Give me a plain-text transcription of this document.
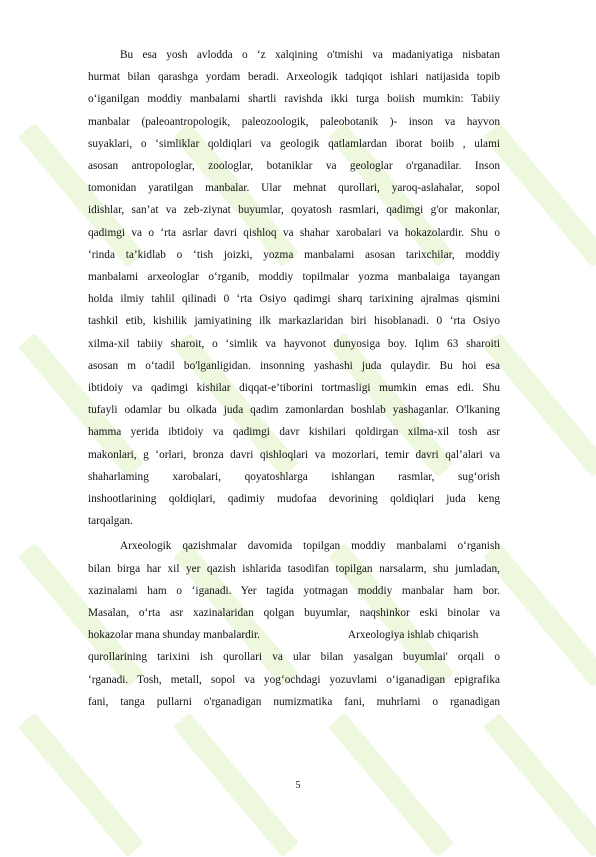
Bu esa yosh avlodda o ‘z xalqining o'tmishi va madaniyatiga nisbatan
hurmat bilan qarashga yordam beradi. Arxeologik tadqiqot ishlari natijasida topib
o‘iganilgan moddiy manbalami shartli ravishda ikki turga boiish mumkin: Tabiiy
manbalar (paleoantropologik, paleozoologik, paleobotanik )- inson va hayvon
suyaklari, o ‘simliklar qoldiqlari va geologik qatlamlardan iborat boiib , ulami
asosan antropologlar, zoologlar, botaniklar va geologlar o'rganadilar. Inson
tomonidan yaratilgan manbalar. Ular mehnat qurollari, yaroq-aslahalar, sopol
idishlar, san’at va zeb-ziynat buyumlar, qoyatosh rasmlari, qadimgi g'or makonlar,
qadimgi va o ‘rta asrlar davri qishloq va shahar xarobalari va hokazolardir. Shu o
‘rinda ta’kidlab o ‘tish joizki, yozma manbalami asosan tarixchilar, moddiy
manbalami arxeologlar o‘rganib, moddiy topilmalar yozma manbalaiga tayangan
holda ilmiy tahlil qilinadi 0 ‘rta Osiyo qadimgi sharq tarixining ajralmas qismini
tashkil etib, kishilik jamiyatining ilk markazlaridan biri hisoblanadi. 0 ‘rta Osiyo
xilma-xil tabiiy sharoit, o ‘simlik va hayvonot dunyosiga boy. Iqlim 63 sharoiti
asosan m o‘tadil bo'lganligidan. insonning yashashi juda qulaydir. Bu hoi esa
ibtidoiy va qadimgi kishilar diqqat-e’tiborini tortmasligi mumkin emas edi. Shu
tufayli odamlar bu olkada juda qadim zamonlardan boshlab yashaganlar. O'lkaning
hamma yerida ibtidoiy va qadimgi davr kishilari qoldirgan xilma-xil tosh asr
makonlari, g ‘orlari, bronza davri qishloqlari va mozorlari, temir davri qal’alari va
shaharlaming xarobalari, qoyatoshlarga ishlangan rasmlar, sug‘orish
inshootlarining qoldiqlari, qadimiy mudofaa devorining qoldiqlari juda keng
tarqalgan.
Arxeologik qazishmalar davomida topilgan moddiy manbalami o‘rganish
bilan birga har xil yer qazish ishlarida tasodifan topilgan narsalarm, shu jumladan,
xazinalami ham o ‘iganadi. Yer tagida yotmagan moddiy manbalar ham bor.
Masalan, o‘rta asr xazinalaridan qolgan buyumlar, naqshinkor eski binolar va
hokazolar mana shunday manbalardir.	Arxeologiya ishlab chiqarish
qurollarining tarixini ish qurollari va ular bilan yasalgan buyumlai' orqali o
‘rganadi. Tosh, metall, sopol va yog‘ochdagi yozuvlami o‘iganadigan epigrafika
fani, tanga pullarni o'rganadigan numizmatika fani, muhrlami o rganadigan
5
